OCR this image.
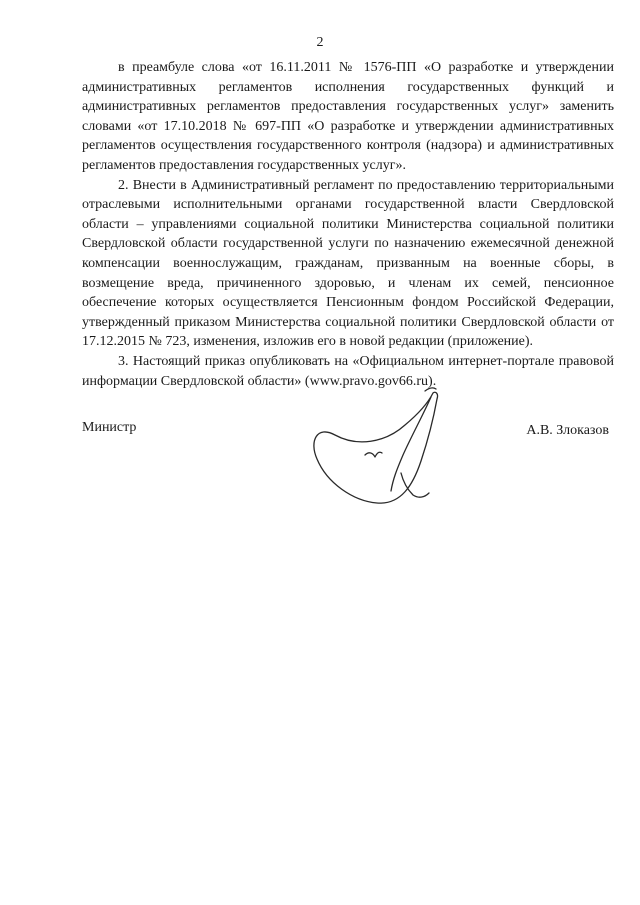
2

в преамбуле слова «от 16.11.2011 № 1576-ПП «О разработке и утверждении административных регламентов исполнения государственных функций и административных регламентов предоставления государственных услуг» заменить словами «от 17.10.2018 № 697-ПП «О разработке и утверждении административных регламентов осуществления государственного контроля (надзора) и административных регламентов предоставления государственных услуг».

2. Внести в Административный регламент по предоставлению территориальными отраслевыми исполнительными органами государственной власти Свердловской области – управлениями социальной политики Министерства социальной политики Свердловской области государственной услуги по назначению ежемесячной денежной компенсации военнослужащим, гражданам, призванным на военные сборы, в возмещение вреда, причиненного здоровью, и членам их семей, пенсионное обеспечение которых осуществляется Пенсионным фондом Российской Федерации, утвержденный приказом Министерства социальной политики Свердловской области от 17.12.2015 № 723, изменения, изложив его в новой редакции (приложение).

3. Настоящий приказ опубликовать на «Официальном интернет-портале правовой информации Свердловской области» (www.pravo.gov66.ru).

Министр	А.В. Злоказов
